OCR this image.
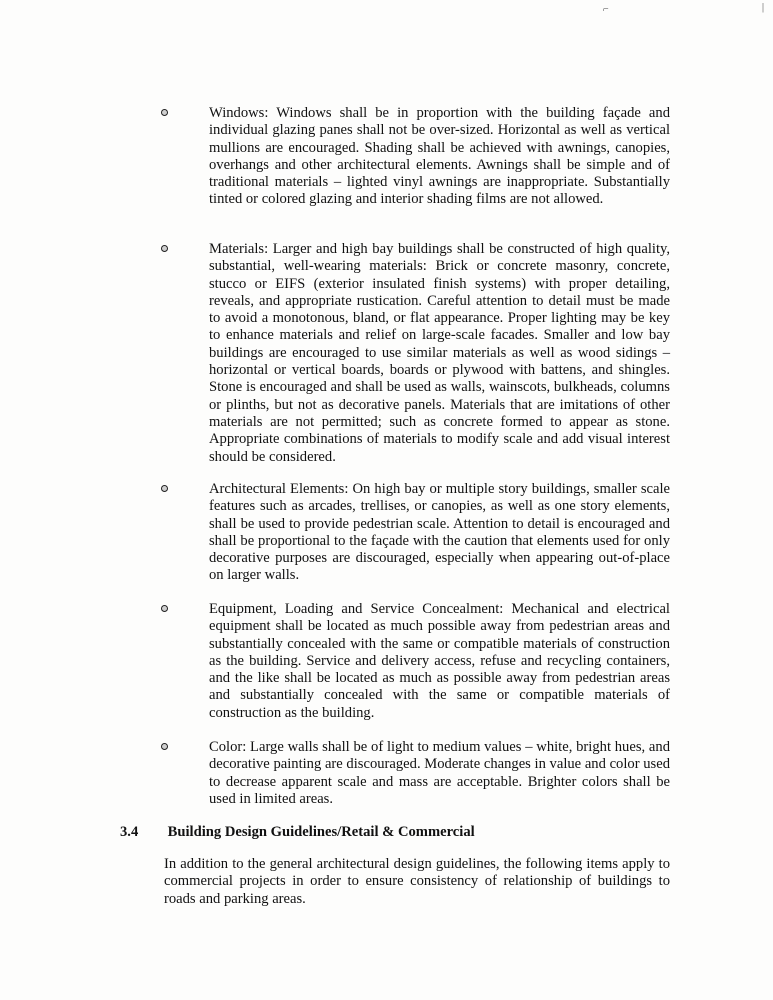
⌐	|
Windows: Windows shall be in proportion with the building façade and individual glazing panes shall not be over-sized. Horizontal as well as vertical mullions are encouraged. Shading shall be achieved with awnings, canopies, overhangs and other architectural elements. Awnings shall be simple and of traditional materials – lighted vinyl awnings are inappropriate. Substantially tinted or colored glazing and interior shading films are not allowed.
Materials: Larger and high bay buildings shall be constructed of high quality, substantial, well-wearing materials: Brick or concrete masonry, concrete, stucco or EIFS (exterior insulated finish systems) with proper detailing, reveals, and appropriate rustication. Careful attention to detail must be made to avoid a monotonous, bland, or flat appearance. Proper lighting may be key to enhance materials and relief on large-scale facades. Smaller and low bay buildings are encouraged to use similar materials as well as wood sidings – horizontal or vertical boards, boards or plywood with battens, and shingles. Stone is encouraged and shall be used as walls, wainscots, bulkheads, columns or plinths, but not as decorative panels. Materials that are imitations of other materials are not permitted; such as concrete formed to appear as stone. Appropriate combinations of materials to modify scale and add visual interest should be considered.
Architectural Elements: On high bay or multiple story buildings, smaller scale features such as arcades, trellises, or canopies, as well as one story elements, shall be used to provide pedestrian scale. Attention to detail is encouraged and shall be proportional to the façade with the caution that elements used for only decorative purposes are discouraged, especially when appearing out-of-place on larger walls.
Equipment, Loading and Service Concealment: Mechanical and electrical equipment shall be located as much possible away from pedestrian areas and substantially concealed with the same or compatible materials of construction as the building. Service and delivery access, refuse and recycling containers, and the like shall be located as much as possible away from pedestrian areas and substantially concealed with the same or compatible materials of construction as the building.
Color: Large walls shall be of light to medium values – white, bright hues, and decorative painting are discouraged. Moderate changes in value and color used to decrease apparent scale and mass are acceptable. Brighter colors shall be used in limited areas.
3.4 Building Design Guidelines/Retail & Commercial
In addition to the general architectural design guidelines, the following items apply to commercial projects in order to ensure consistency of relationship of buildings to roads and parking areas.
